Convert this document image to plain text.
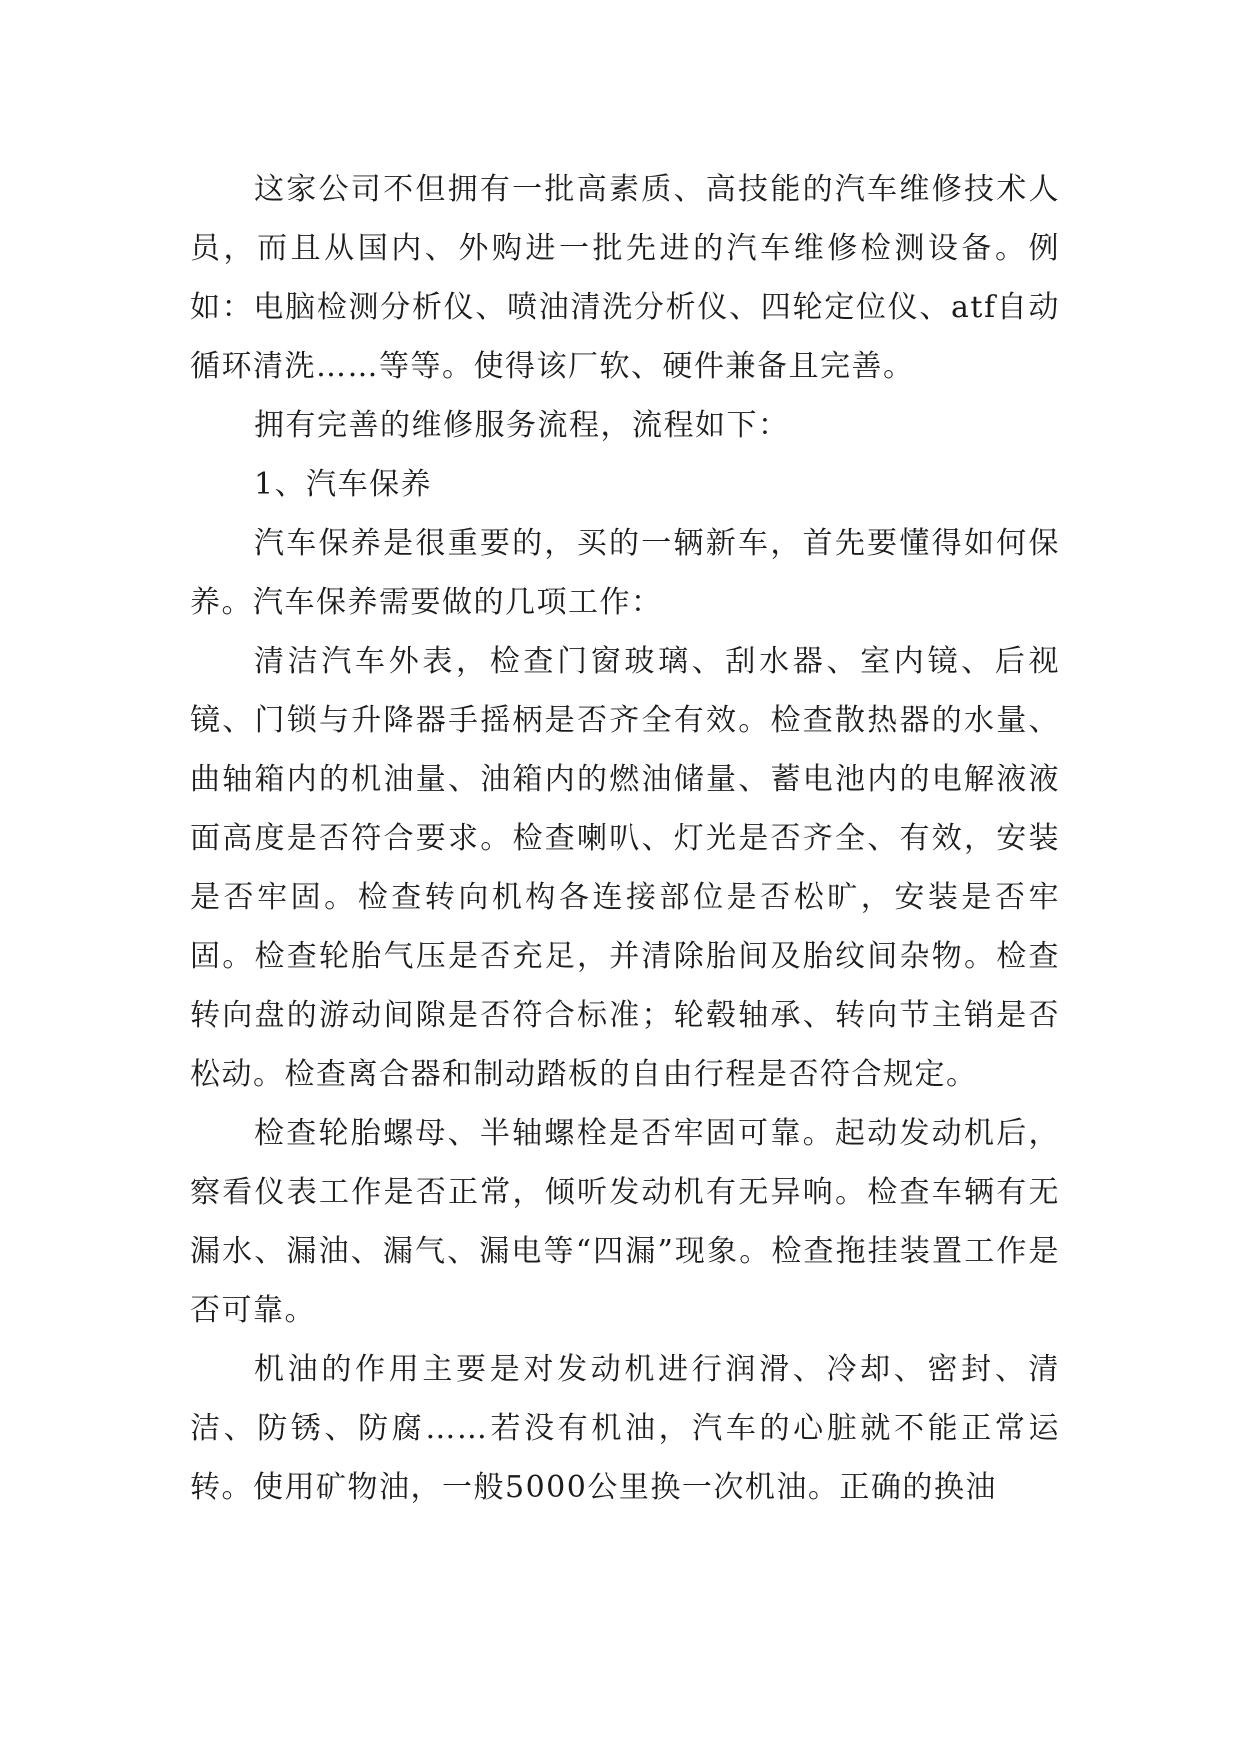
这家公司不但拥有一批高素质、高技能的汽车维修技术人员，而且从国内、外购进一批先进的汽车维修检测设备。例如：电脑检测分析仪、喷油清洗分析仪、四轮定位仪、atf自动循环清洗……等等。使得该厂软、硬件兼备且完善。

拥有完善的维修服务流程，流程如下：

1、汽车保养

汽车保养是很重要的，买的一辆新车，首先要懂得如何保养。汽车保养需要做的几项工作：

清洁汽车外表，检查门窗玻璃、刮水器、室内镜、后视镜、门锁与升降器手摇柄是否齐全有效。检查散热器的水量、曲轴箱内的机油量、油箱内的燃油储量、蓄电池内的电解液液面高度是否符合要求。检查喇叭、灯光是否齐全、有效，安装是否牢固。检查转向机构各连接部位是否松旷，安装是否牢固。检查轮胎气压是否充足，并清除胎间及胎纹间杂物。检查转向盘的游动间隙是否符合标准；轮毂轴承、转向节主销是否松动。检查离合器和制动踏板的自由行程是否符合规定。

检查轮胎螺母、半轴螺栓是否牢固可靠。起动发动机后，察看仪表工作是否正常，倾听发动机有无异响。检查车辆有无漏水、漏油、漏气、漏电等“四漏”现象。检查拖挂装置工作是否可靠。

机油的作用主要是对发动机进行润滑、冷却、密封、清洁、防锈、防腐……若没有机油，汽车的心脏就不能正常运转。使用矿物油，一般5000公里换一次机油。正确的换油
